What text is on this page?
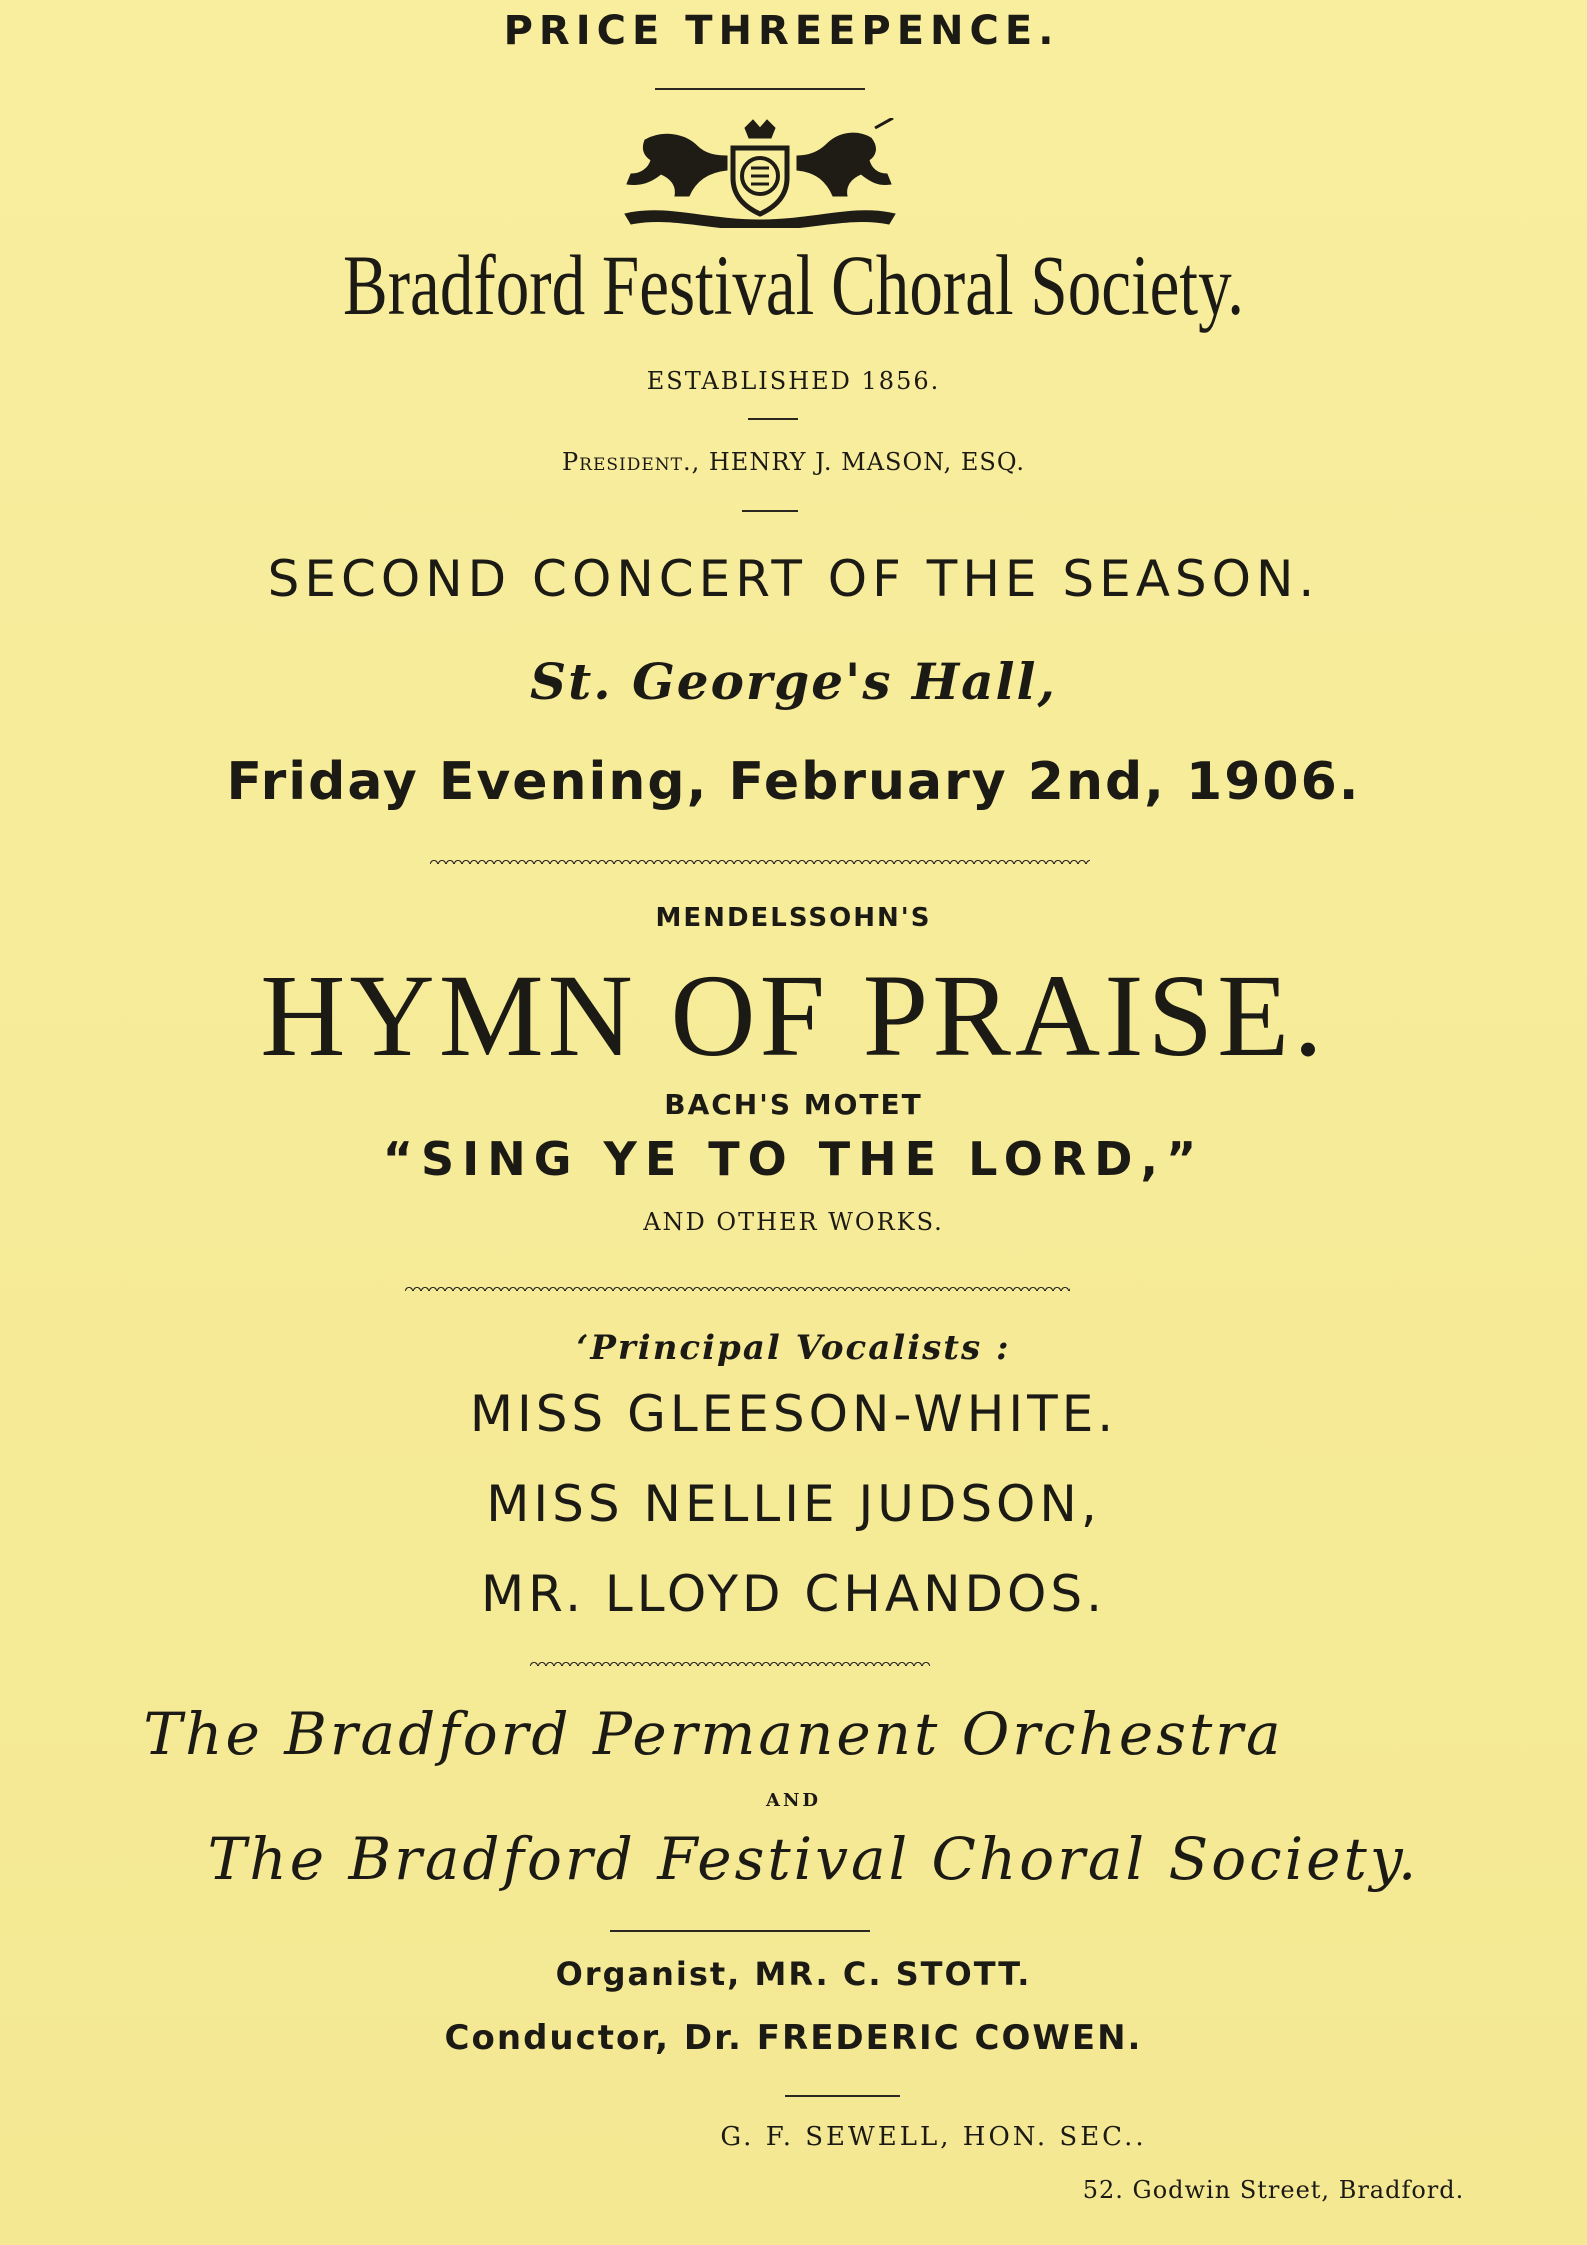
PRICE THREEPENCE.
Bradford Festival Choral Society.
ESTABLISHED 1856.
President., HENRY J. MASON, ESQ.
SECOND CONCERT OF THE SEASON.
St. George's Hall,
Friday Evening, February 2nd, 1906.
MENDELSSOHN'S
HYMN OF PRAISE.
BACH'S MOTET
“SING YE TO THE LORD,”
AND OTHER WORKS.
‘Principal Vocalists :
MISS GLEESON-WHITE.
MISS NELLIE JUDSON,
MR. LLOYD CHANDOS.
The Bradford Permanent Orchestra
AND
The Bradford Festival Choral Society.
Organist, MR. C. STOTT.
Conductor, Dr. FREDERIC COWEN.
G. F. SEWELL, HON. SEC..
52. Godwin Street, Bradford.
